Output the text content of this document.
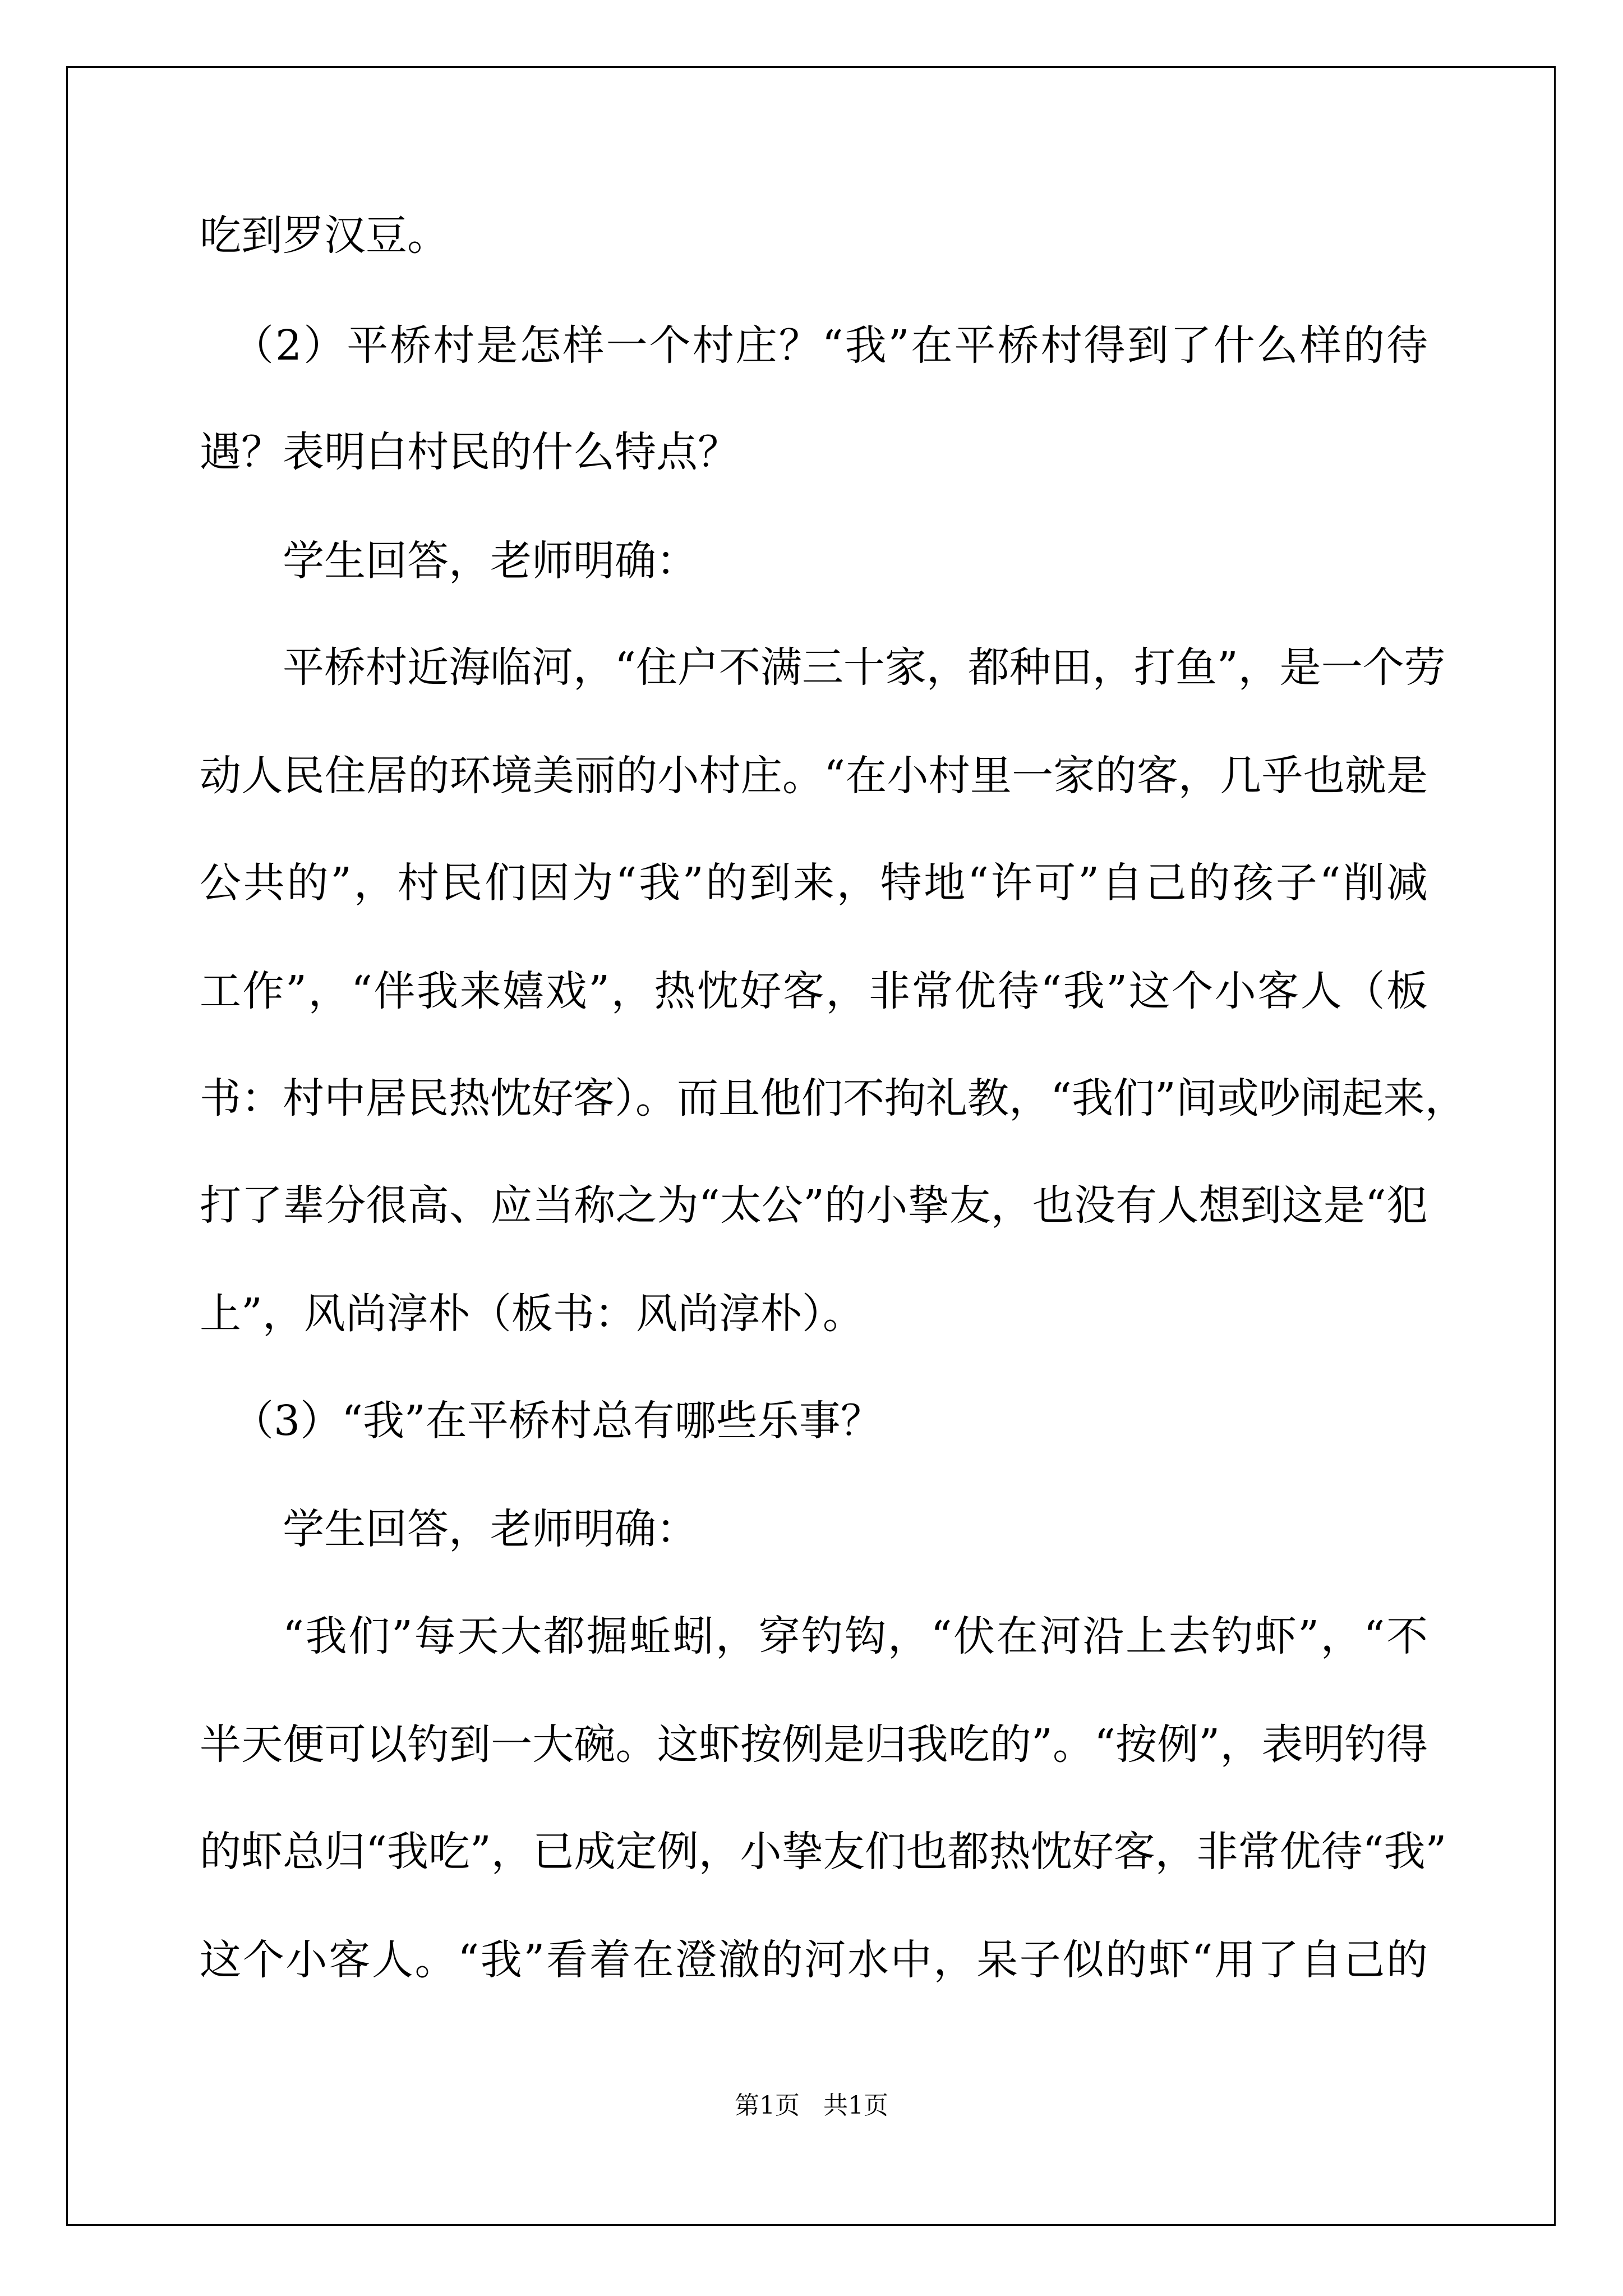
吃到罗汉豆。
（2）平桥村是怎样一个村庄？“我”在平桥村得到了什么样的待
遇？表明白村民的什么特点？
学生回答，老师明确：
平桥村近海临河，“住户不满三十家，都种田，打鱼”，是一个劳
动人民住居的环境美丽的小村庄。“在小村里一家的客，几乎也就是
公共的”，村民们因为“我”的到来，特地“许可”自己的孩子“削减
工作”，“伴我来嬉戏”，热忱好客，非常优待“我”这个小客人（板
书：村中居民热忱好客）。而且他们不拘礼教，“我们”间或吵闹起来，
打了辈分很高、应当称之为“太公”的小挚友，也没有人想到这是“犯
上”，风尚淳朴（板书：风尚淳朴）。
（3）“我”在平桥村总有哪些乐事？
学生回答，老师明确：
“我们”每天大都掘蚯蚓，穿钓钩，“伏在河沿上去钓虾”，“不
半天便可以钓到一大碗。这虾按例是归我吃的”。“按例”，表明钓得
的虾总归“我吃”，已成定例，小挚友们也都热忱好客，非常优待“我”
这个小客人。“我”看着在澄澈的河水中，呆子似的虾“用了自己的
第1页   共1页
